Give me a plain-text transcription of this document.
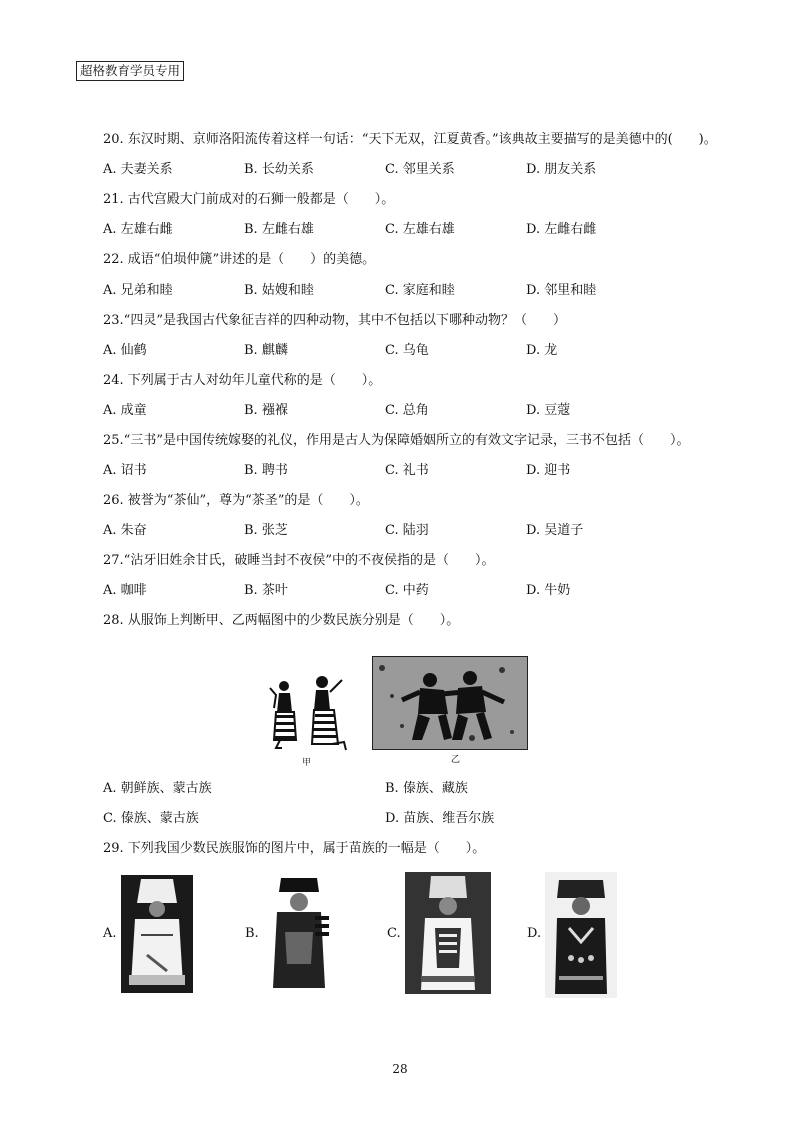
超格教育学员专用
20. 东汉时期、京师洛阳流传着这样一句话：“天下无双，江夏黄香。”该典故主要描写的是美德中的(　　)。
A. 夫妻关系	B. 长幼关系	C. 邻里关系	D. 朋友关系
21. 古代宫殿大门前成对的石狮一般都是（　　）。
A. 左雄右雌	B. 左雌右雄	C. 左雄右雄	D. 左雌右雌
22. 成语“伯埙仲篪”讲述的是（　　）的美德。
A. 兄弟和睦	B. 姑嫂和睦	C. 家庭和睦	D. 邻里和睦
23.“四灵”是我国古代象征吉祥的四种动物，其中不包括以下哪种动物？（　　）
A. 仙鹤	B. 麒麟	C. 乌龟	D. 龙
24. 下列属于古人对幼年儿童代称的是（　　）。
A. 成童	B. 襁褓	C. 总角	D. 豆蔻
25.“三书”是中国传统嫁娶的礼仪，作用是古人为保障婚姻所立的有效文字记录，三书不包括（　　）。
A. 诏书	B. 聘书	C. 礼书	D. 迎书
26. 被誉为“茶仙”，尊为“茶圣”的是（　　）。
A. 朱奋	B. 张芝	C. 陆羽	D. 吴道子
27.“沾牙旧姓余甘氏，破睡当封不夜侯”中的不夜侯指的是（　　）。
A. 咖啡	B. 茶叶	C. 中药	D. 牛奶
28. 从服饰上判断甲、乙两幅图中的少数民族分别是（　　）。
甲	乙
A. 朝鲜族、蒙古族	B. 傣族、藏族
C. 傣族、蒙古族	D. 苗族、维吾尔族
29. 下列我国少数民族服饰的图片中，属于苗族的一幅是（　　）。
A.	B.	C.	D.
28
